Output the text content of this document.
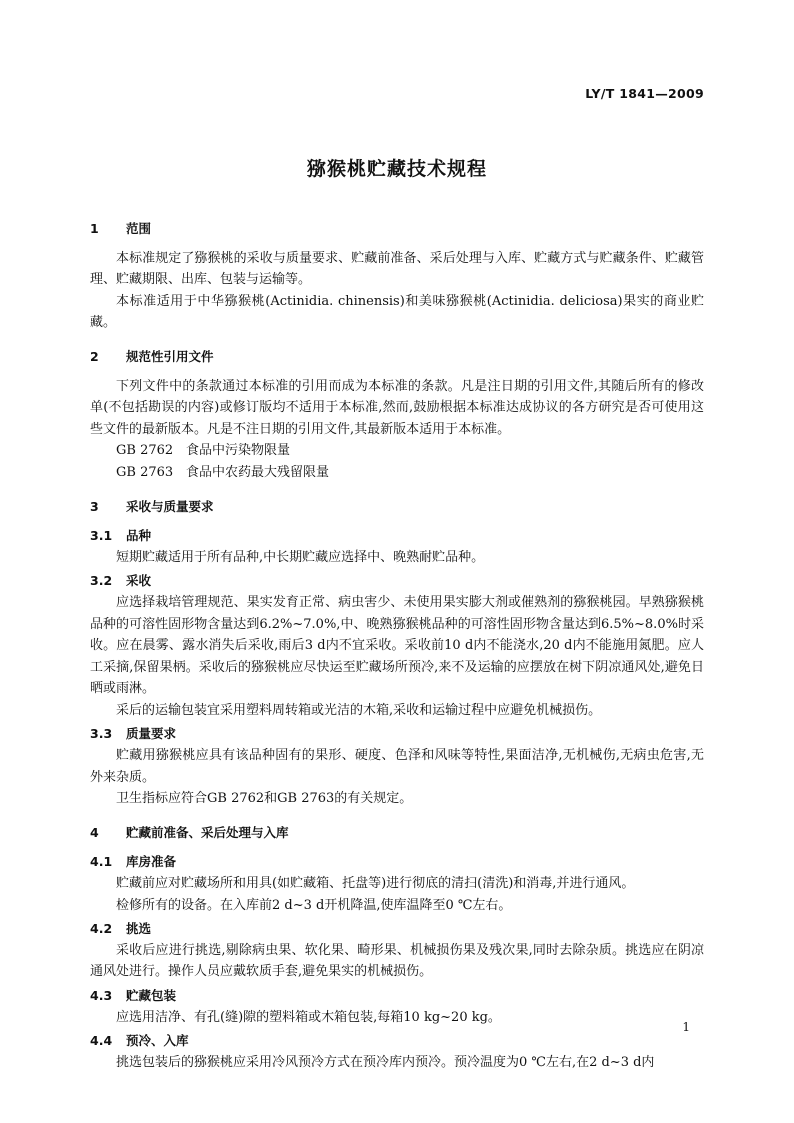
LY/T 1841—2009
猕猴桃贮藏技术规程
1 范围

本标准规定了猕猴桃的采收与质量要求、贮藏前准备、采后处理与入库、贮藏方式与贮藏条件、贮藏管理、贮藏期限、出库、包装与运输等。

本标准适用于中华猕猴桃(Actinidia. chinensis)和美味猕猴桃(Actinidia. deliciosa)果实的商业贮藏。

2 规范性引用文件

下列文件中的条款通过本标准的引用而成为本标准的条款。凡是注日期的引用文件,其随后所有的修改单(不包括勘误的内容)或修订版均不适用于本标准,然而,鼓励根据本标准达成协议的各方研究是否可使用这些文件的最新版本。凡是不注日期的引用文件,其最新版本适用于本标准。

GB 2762 食品中污染物限量
GB 2763 食品中农药最大残留限量
3 采收与质量要求
3.1 品种

短期贮藏适用于所有品种,中长期贮藏应选择中、晚熟耐贮品种。

3.2 采收

应选择栽培管理规范、果实发育正常、病虫害少、未使用果实膨大剂或催熟剂的猕猴桃园。早熟猕猴桃品种的可溶性固形物含量达到6.2%~7.0%,中、晚熟猕猴桃品种的可溶性固形物含量达到6.5%~8.0%时采收。应在晨雾、露水消失后采收,雨后3 d内不宜采收。采收前10 d内不能浇水,20 d内不能施用氮肥。应人工采摘,保留果柄。采收后的猕猴桃应尽快运至贮藏场所预冷,来不及运输的应摆放在树下阴凉通风处,避免日晒或雨淋。

采后的运输包装宜采用塑料周转箱或光洁的木箱,采收和运输过程中应避免机械损伤。

3.3 质量要求

贮藏用猕猴桃应具有该品种固有的果形、硬度、色泽和风味等特性,果面洁净,无机械伤,无病虫危害,无外来杂质。

卫生指标应符合GB 2762和GB 2763的有关规定。

4 贮藏前准备、采后处理与入库
4.1 库房准备

贮藏前应对贮藏场所和用具(如贮藏箱、托盘等)进行彻底的清扫(清洗)和消毒,并进行通风。

检修所有的设备。在入库前2 d~3 d开机降温,使库温降至0 ℃左右。

4.2 挑选

采收后应进行挑选,剔除病虫果、软化果、畸形果、机械损伤果及残次果,同时去除杂质。挑选应在阴凉通风处进行。操作人员应戴软质手套,避免果实的机械损伤。

4.3 贮藏包装

应选用洁净、有孔(缝)隙的塑料箱或木箱包装,每箱10 kg~20 kg。

4.4 预冷、入库

挑选包装后的猕猴桃应采用冷风预冷方式在预冷库内预冷。预冷温度为0 ℃左右,在2 d~3 d内

1
